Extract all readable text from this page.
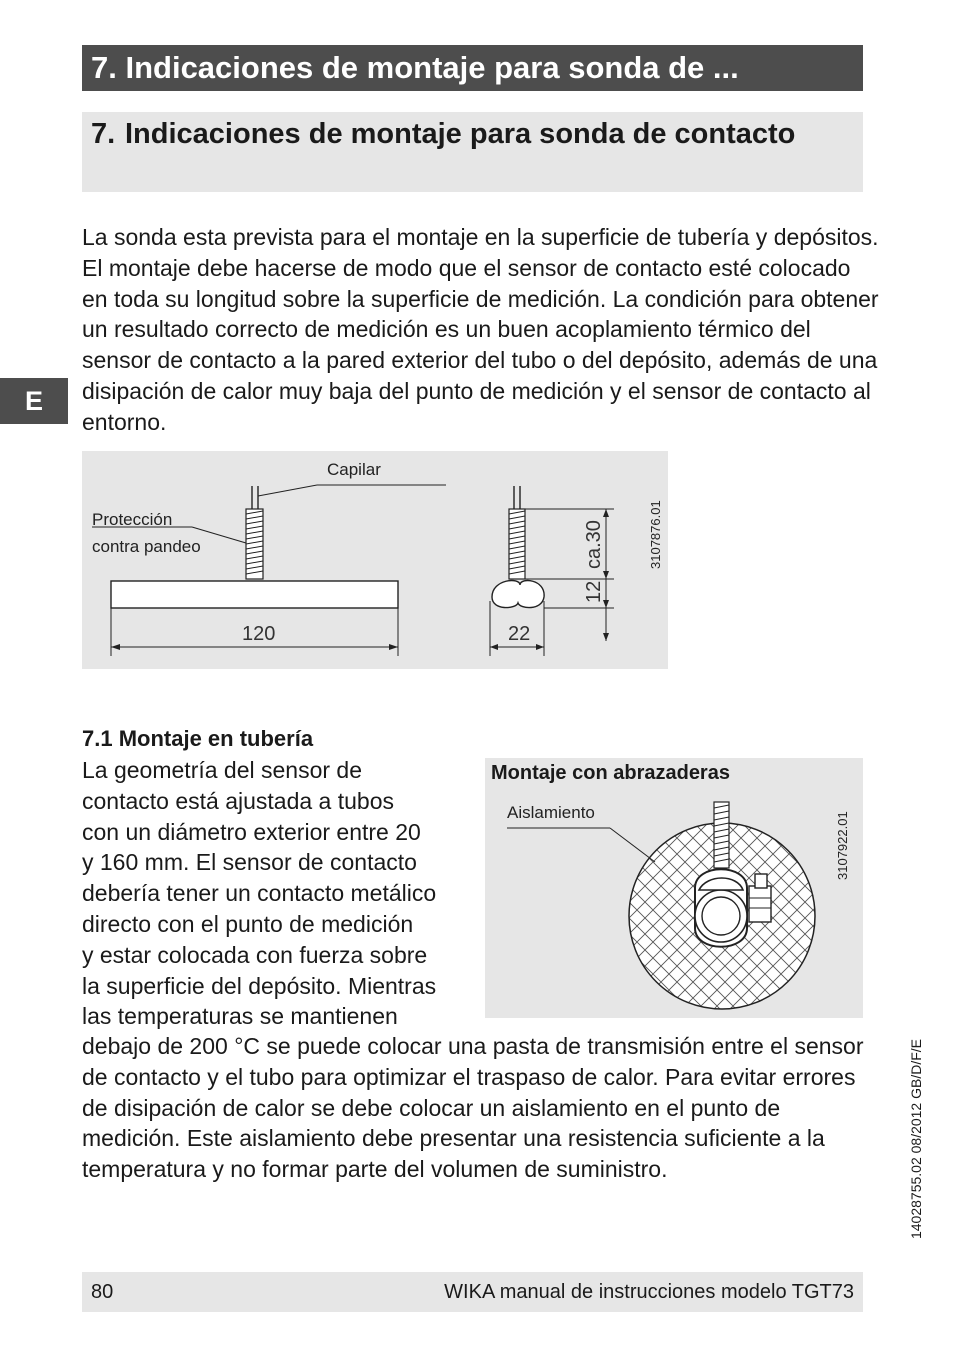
7. Indicaciones de montaje para sonda de ...
7. Indicaciones de montaje para sonda de contacto

La sonda esta prevista para el montaje en la superficie de tubería y depósitos. El montaje debe hacerse de modo que el sensor de contacto esté colocado en toda su longitud sobre la superficie de medición. La condición para obtener un resultado correcto de medición es un buen acoplamiento térmico del sensor de contacto a la pared exterior del tubo o del depósito, además de una disipación de calor muy baja del punto de medición y el sensor de contacto al entorno.

E
Capilar
Protección
contra pandeo
120	22
12
ca.30	3107876.01
7.1 Montaje en tubería
La geometría del sensor de
contacto está ajustada a tubos
con un diámetro exterior entre 20
y 160 mm. El sensor de contacto
debería tener un contacto metálico
directo con el punto de medición
y estar colocada con fuerza sobre
la superficie del depósito. Mientras
las temperaturas se mantienen
Montaje con abrazaderas
Aislamiento	3107922.01

debajo de 200 °C se puede colocar una pasta de transmisión entre el sensor de contacto y el tubo para optimizar el traspaso de calor. Para evitar errores de disipación de calor se debe colocar un aislamiento en el punto de medición. Este aislamiento debe presentar una resistencia suficiente a la temperatura y no formar parte del volumen de suministro.	14028755.02 08/2012 GB/D/F/E
80	WIKA manual de instrucciones modelo TGT73
